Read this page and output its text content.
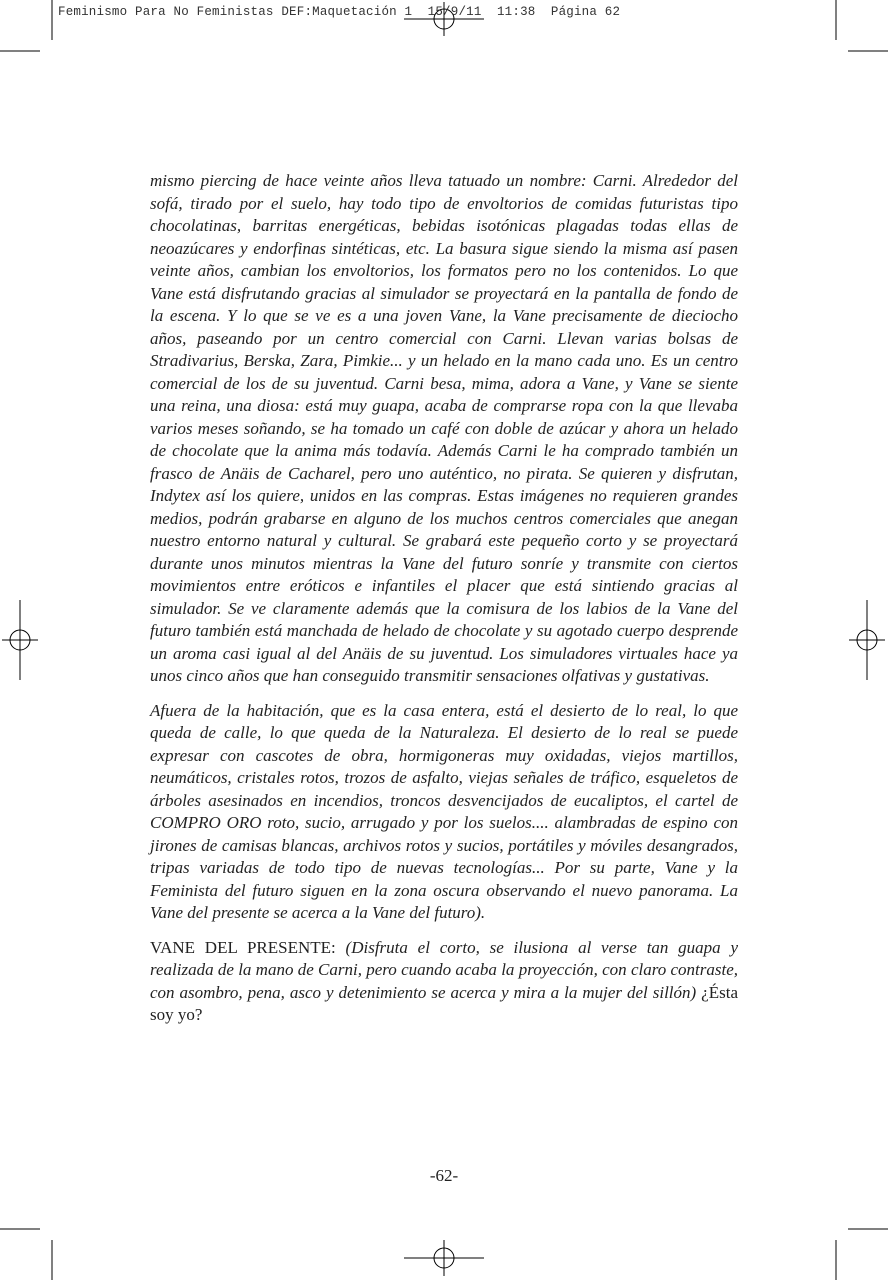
Feminismo Para No Feministas DEF:Maquetación 1  15/9/11  11:38  Página 62

mismo piercing de hace veinte años lleva tatuado un nombre: Carni. Alrededor del sofá, tirado por el suelo, hay todo tipo de envoltorios de comidas futuristas tipo chocolatinas, barritas energéticas, bebidas isotónicas plagadas todas ellas de neoazúcares y endorfinas sintéticas, etc. La basura sigue siendo la misma así pasen veinte años, cambian los envoltorios, los formatos pero no los contenidos. Lo que Vane está disfrutando gracias al simulador se proyectará en la pantalla de fondo de la escena. Y lo que se ve es a una joven Vane, la Vane precisamente de dieciocho años, paseando por un centro comercial con Carni. Llevan varias bolsas de Stradivarius, Berska, Zara, Pimkie... y un helado en la mano cada uno. Es un centro comercial de los de su juventud. Carni besa, mima, adora a Vane, y Vane se siente una reina, una diosa: está muy guapa, acaba de comprarse ropa con la que llevaba varios meses soñando, se ha tomado un café con doble de azúcar y ahora un helado de chocolate que la anima más todavía. Además Carni le ha comprado también un frasco de Anäis de Cacharel, pero uno auténtico, no pirata. Se quieren y disfrutan, Indytex así los quiere, unidos en las compras. Estas imágenes no requieren grandes medios, podrán grabarse en alguno de los muchos centros comerciales que anegan nuestro entorno natural y cultural. Se grabará este pequeño corto y se proyectará durante unos minutos mientras la Vane del futuro sonríe y transmite con ciertos movimientos entre eróticos e infantiles el placer que está sintiendo gracias al simulador. Se ve claramente además que la comisura de los labios de la Vane del futuro también está manchada de helado de chocolate y su agotado cuerpo desprende un aroma casi igual al del Anäis de su juventud. Los simuladores virtuales hace ya unos cinco años que han conseguido transmitir sensaciones olfativas y gustativas.

Afuera de la habitación, que es la casa entera, está el desierto de lo real, lo que queda de calle, lo que queda de la Naturaleza. El desierto de lo real se puede expresar con cascotes de obra, hormigoneras muy oxidadas, viejos martillos, neumáticos, cristales rotos, trozos de asfalto, viejas señales de tráfico, esqueletos de árboles asesinados en incendios, troncos desvencijados de eucaliptos, el cartel de COMPRO ORO roto, sucio, arrugado y por los suelos.... alambradas de espino con jirones de camisas blancas, archivos rotos y sucios, portátiles y móviles desangrados, tripas variadas de todo tipo de nuevas tecnologías... Por su parte, Vane y la Feminista del futuro siguen en la zona oscura observando el nuevo panorama. La Vane del presente se acerca a la Vane del futuro).

VANE DEL PRESENTE: (Disfruta el corto, se ilusiona al verse tan guapa y realizada de la mano de Carni, pero cuando acaba la proyección, con claro contraste, con asombro, pena, asco y detenimiento se acerca y mira a la mujer del sillón) ¿Ésta soy yo?

-62-
